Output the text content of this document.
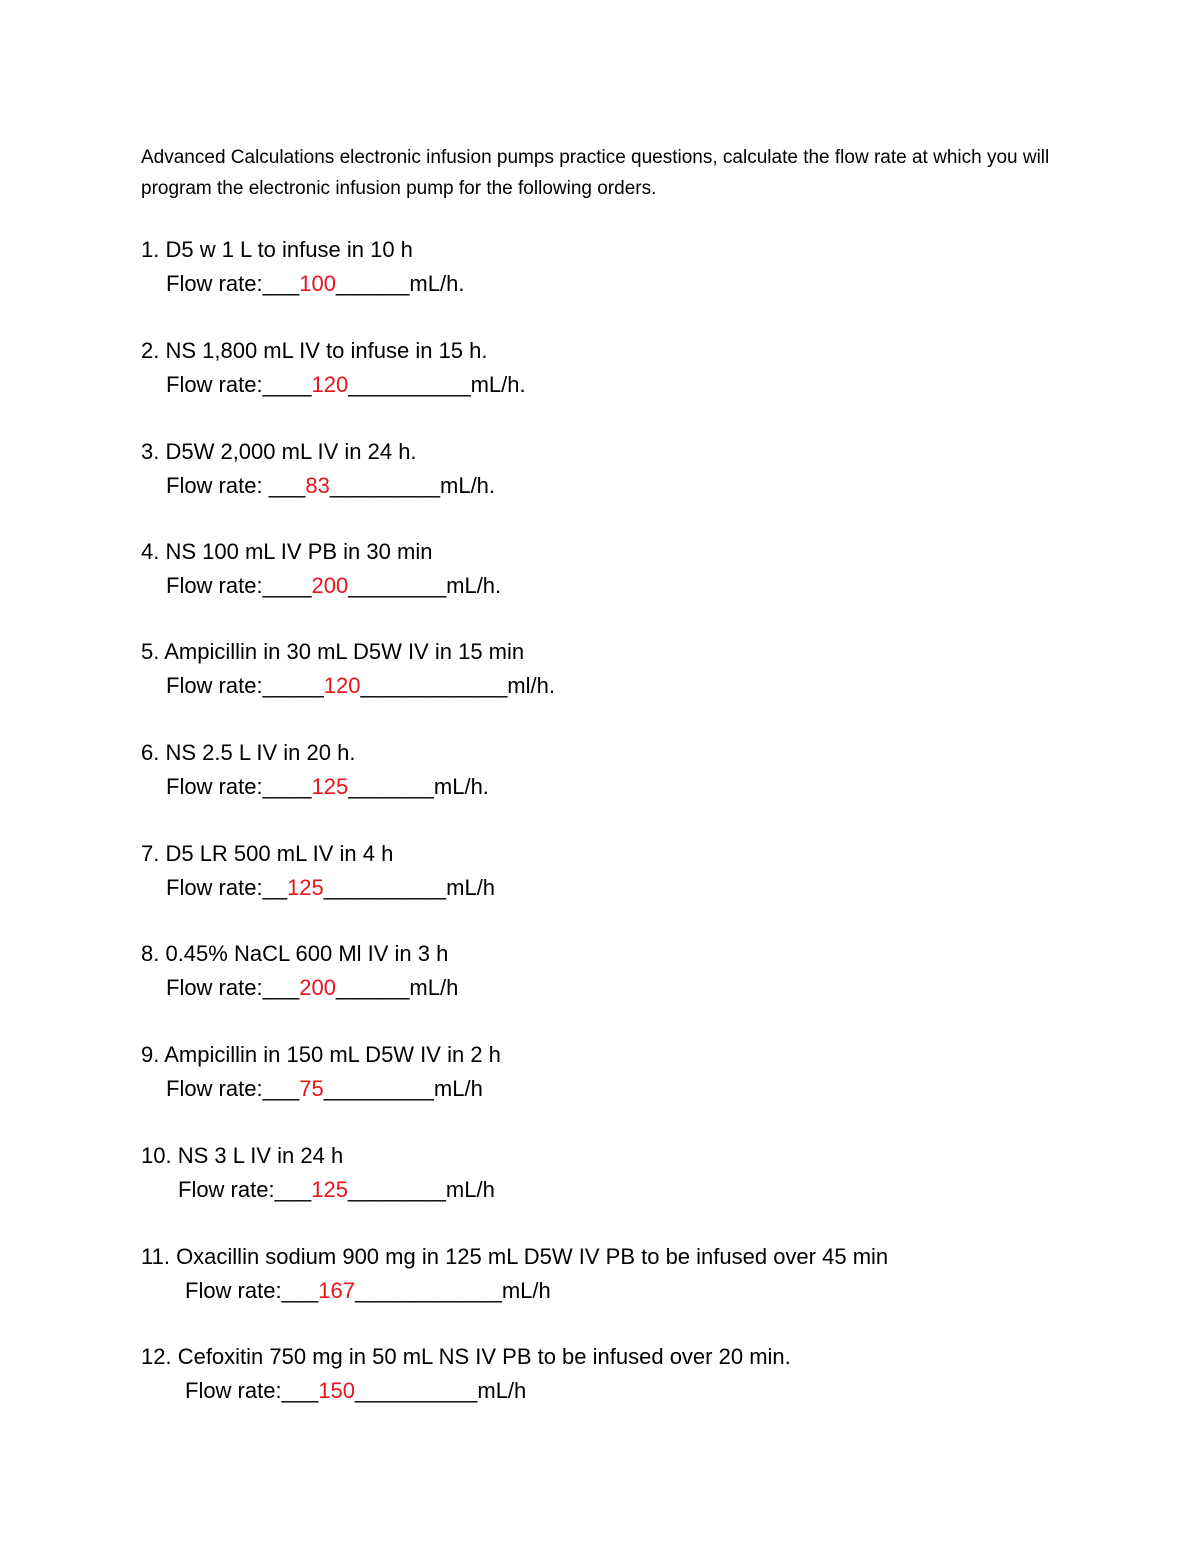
Advanced Calculations electronic infusion pumps practice questions, calculate the flow rate at which you will program the electronic infusion pump for the following orders.
1. D5 w 1 L to infuse in 10 h
Flow rate:___100______mL/h.
2. NS 1,800 mL IV to infuse in 15 h.
Flow rate:____120__________mL/h.
3. D5W 2,000 mL IV in 24 h.
Flow rate: ___83_________mL/h.
4. NS 100 mL IV PB in 30 min
Flow rate:____200________mL/h.
5. Ampicillin in 30 mL D5W IV in 15 min
Flow rate:_____120____________ml/h.
6. NS 2.5 L IV in 20 h.
Flow rate:____125_______mL/h.
7. D5 LR 500 mL IV in 4 h
Flow rate:__125__________mL/h
8. 0.45% NaCL 600 Ml IV in 3 h
Flow rate:___200______mL/h
9. Ampicillin in 150 mL D5W IV in 2 h
Flow rate:___75_________mL/h
10. NS 3 L IV in 24 h
Flow rate:___125________mL/h
11. Oxacillin sodium 900 mg in 125 mL D5W IV PB to be infused over 45 min
Flow rate:___167____________mL/h
12. Cefoxitin 750 mg in 50 mL NS IV PB to be infused over 20 min.
Flow rate:___150__________mL/h
